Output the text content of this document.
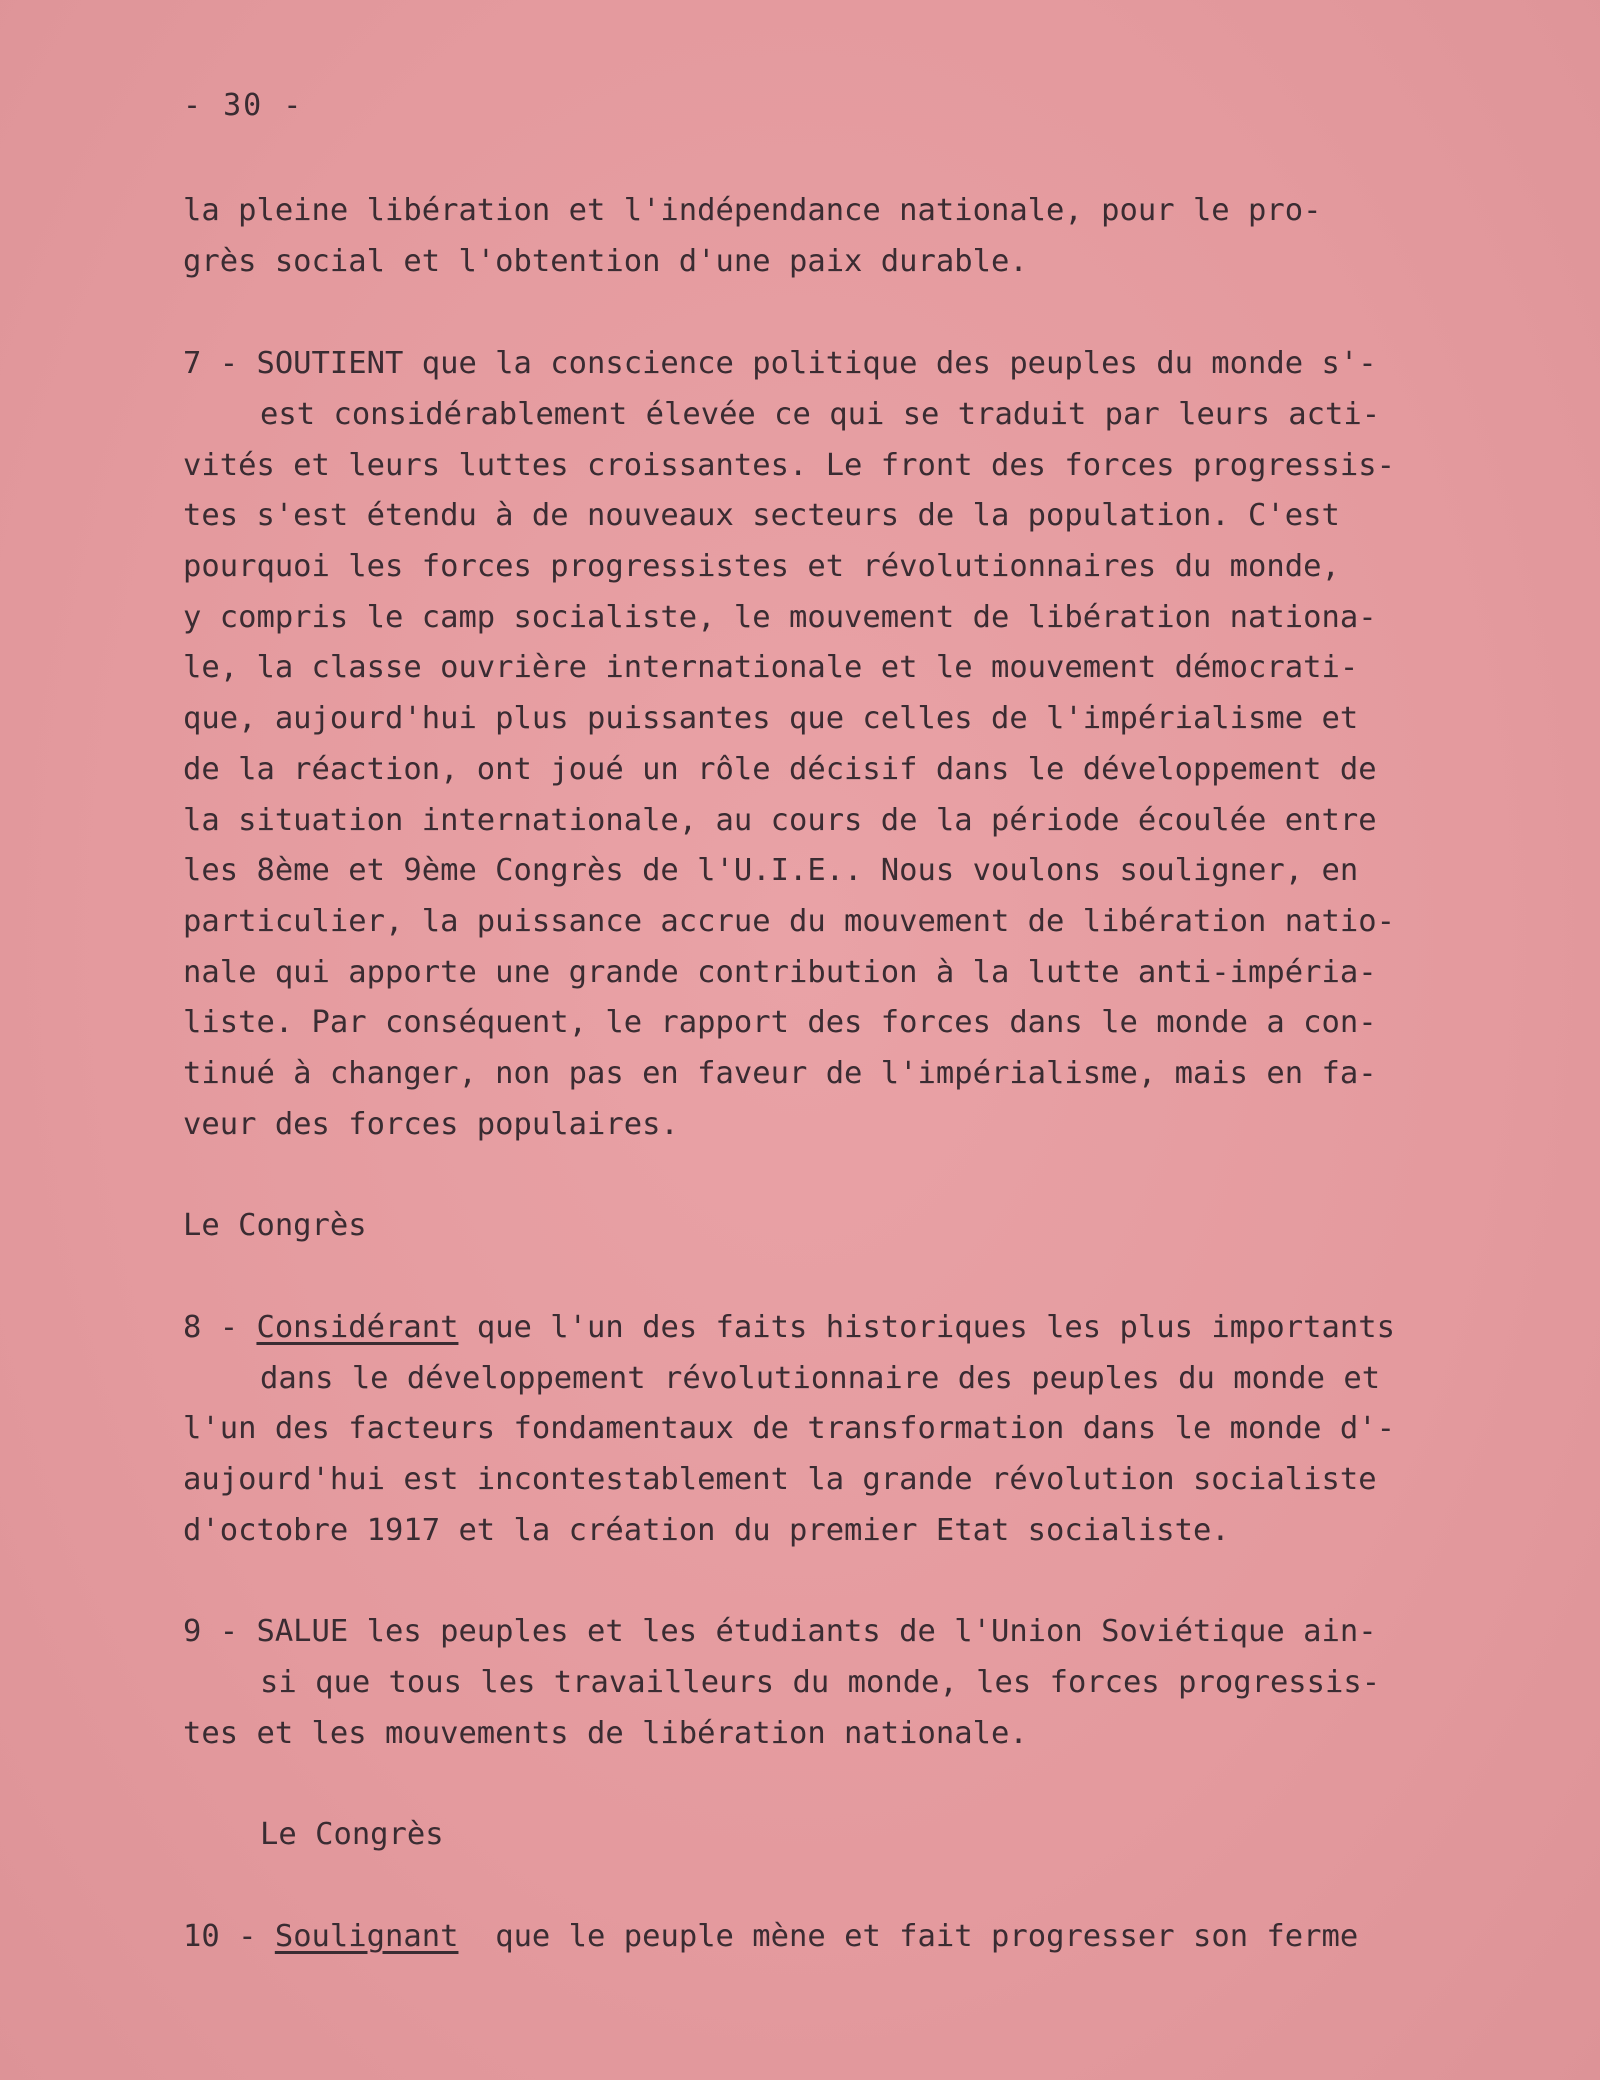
- 30 -
la pleine libération et l'indépendance nationale, pour le pro-
grès social et l'obtention d'une paix durable.
7 - SOUTIENT que la conscience politique des peuples du monde s'-
est considérablement élevée ce qui se traduit par leurs acti-
vités et leurs luttes croissantes. Le front des forces progressis-
tes s'est étendu à de nouveaux secteurs de la population. C'est
pourquoi les forces progressistes et révolutionnaires du monde,
y compris le camp socialiste, le mouvement de libération nationa-
le, la classe ouvrière internationale et le mouvement démocrati-
que, aujourd'hui plus puissantes que celles de l'impérialisme et
de la réaction, ont joué un rôle décisif dans le développement de
la situation internationale, au cours de la période écoulée entre
les 8ème et 9ème Congrès de l'U.I.E.. Nous voulons souligner, en
particulier, la puissance accrue du mouvement de libération natio-
nale qui apporte une grande contribution à la lutte anti-impéria-
liste. Par conséquent, le rapport des forces dans le monde a con-
tinué à changer, non pas en faveur de l'impérialisme, mais en fa-
veur des forces populaires.
Le Congrès
8 - Considérant que l'un des faits historiques les plus importants
dans le développement révolutionnaire des peuples du monde et
l'un des facteurs fondamentaux de transformation dans le monde d'-
aujourd'hui est incontestablement la grande révolution socialiste
d'octobre 1917 et la création du premier Etat socialiste.
9 - SALUE les peuples et les étudiants de l'Union Soviétique ain-
si que tous les travailleurs du monde, les forces progressis-
tes et les mouvements de libération nationale.
Le Congrès
10 - Soulignant que le peuple mène et fait progresser son ferme
